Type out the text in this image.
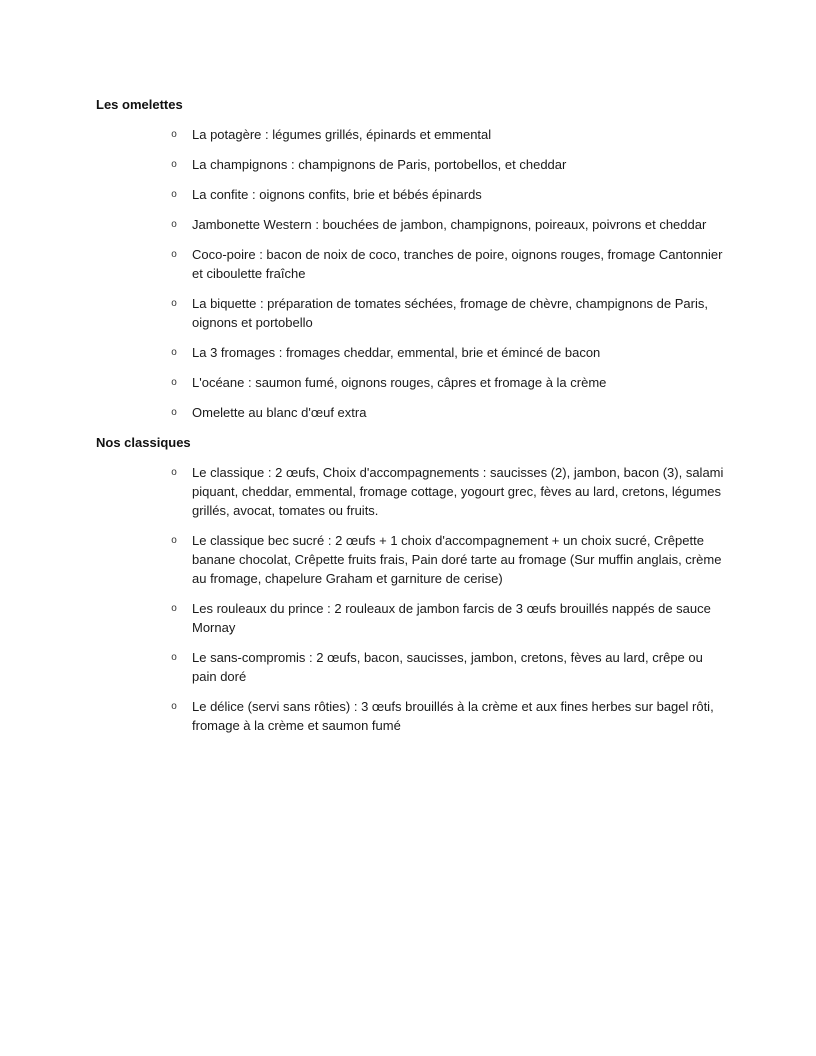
Les omelettes
o La potagère : légumes grillés, épinards et emmental
o La champignons : champignons de Paris, portobellos, et cheddar
o La confite : oignons confits, brie et bébés épinards
o Jambonette Western : bouchées de jambon, champignons, poireaux, poivrons et cheddar
o Coco-poire : bacon de noix de coco, tranches de poire, oignons rouges, fromage Cantonnier et ciboulette fraîche
o La biquette : préparation de tomates séchées, fromage de chèvre, champignons de Paris, oignons et portobello
o La 3 fromages : fromages cheddar, emmental, brie et émincé de bacon
o L'océane : saumon fumé, oignons rouges, câpres et fromage à la crème
o Omelette au blanc d'œuf extra
Nos classiques
o Le classique : 2 œufs, Choix d'accompagnements : saucisses (2), jambon, bacon (3), salami piquant, cheddar, emmental, fromage cottage, yogourt grec, fèves au lard, cretons, légumes grillés, avocat, tomates ou fruits.
o Le classique bec sucré : 2 œufs + 1 choix d'accompagnement + un choix sucré, Crêpette banane chocolat, Crêpette fruits frais, Pain doré tarte au fromage (Sur muffin anglais, crème au fromage, chapelure Graham et garniture de cerise)
o Les rouleaux du prince : 2 rouleaux de jambon farcis de 3 œufs brouillés nappés de sauce Mornay
o Le sans-compromis : 2 œufs, bacon, saucisses, jambon, cretons, fèves au lard, crêpe ou pain doré
o Le délice (servi sans rôties) : 3 œufs brouillés à la crème et aux fines herbes sur bagel rôti, fromage à la crème et saumon fumé
